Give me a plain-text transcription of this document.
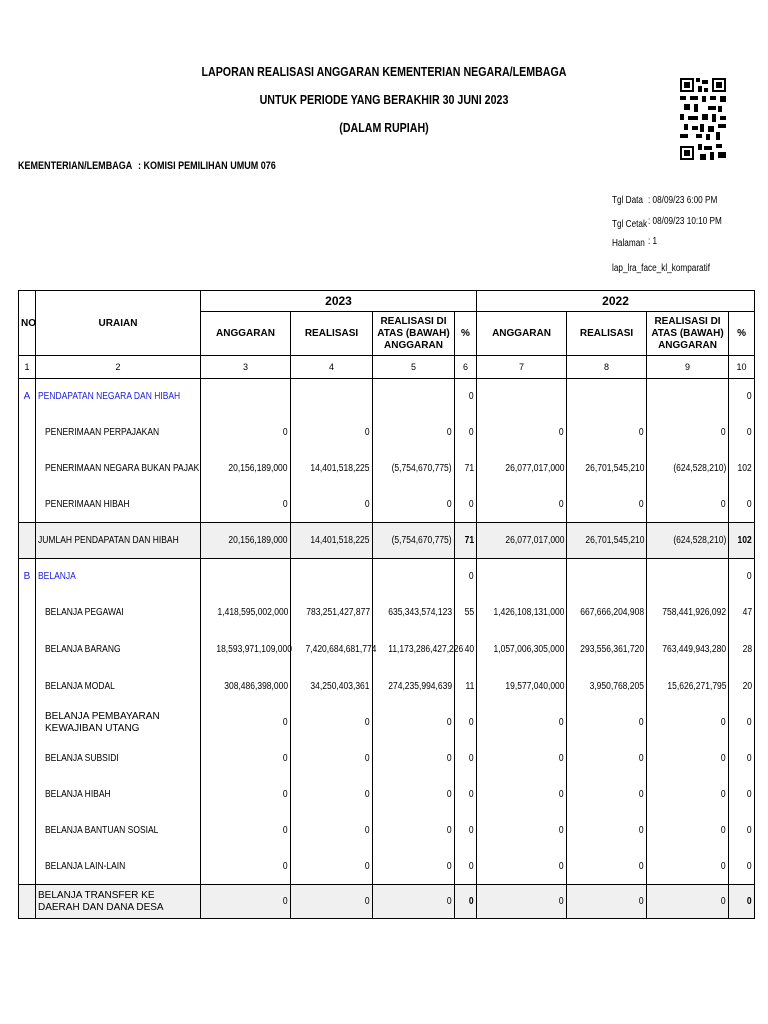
LAPORAN REALISASI ANGGARAN KEMENTERIAN NEGARA/LEMBAGA
UNTUK PERIODE YANG BERAKHIR 30 JUNI 2023
(DALAM RUPIAH)
KEMENTERIAN/LEMBAGA : KOMISI PEMILIHAN UMUM 076
Tgl Data : 08/09/23 6:00 PM
Tgl Cetak : 08/09/23 10:10 PM
Halaman : 1
lap_lra_face_kl_komparatif
NO	URAIAN	2023				2022			
		ANGGARAN	REALISASI	REALISASI DI ATAS (BAWAH) ANGGARAN	%	ANGGARAN	REALISASI	REALISASI DI ATAS (BAWAH) ANGGARAN	%
1	2	3	4	5	6	7	8	9	10
A	PENDAPATAN NEGARA DAN HIBAH				0				0
	PENERIMAAN PERPAJAKAN	0	0	0	0	0	0	0	0
	PENERIMAAN NEGARA BUKAN PAJAK	20,156,189,000	14,401,518,225	(5,754,670,775)	71	26,077,017,000	26,701,545,210	(624,528,210)	102
	PENERIMAAN HIBAH	0	0	0	0	0	0	0	0
	JUMLAH PENDAPATAN DAN HIBAH	20,156,189,000	14,401,518,225	(5,754,670,775)	71	26,077,017,000	26,701,545,210	(624,528,210)	102
B	BELANJA				0				0
	BELANJA PEGAWAI	1,418,595,002,000	783,251,427,877	635,343,574,123	55	1,426,108,131,000	667,666,204,908	758,441,926,092	47
	BELANJA BARANG	18,593,971,109,000	7,420,684,681,774	11,173,286,427,226	40	1,057,006,305,000	293,556,361,720	763,449,943,280	28
	BELANJA MODAL	308,486,398,000	34,250,403,361	274,235,994,639	11	19,577,040,000	3,950,768,205	15,626,271,795	20

	BELANJA PEMBAYARAN KEWAJIBAN UTANG	0	0	0	0	0	0	0	0
	BELANJA SUBSIDI	0	0	0	0	0	0	0	0
	BELANJA HIBAH	0	0	0	0	0	0	0	0
	BELANJA BANTUAN SOSIAL	0	0	0	0	0	0	0	0
	BELANJA LAIN-LAIN	0	0	0	0	0	0	0	0

	BELANJA TRANSFER KE DAERAH DAN DANA DESA	0	0	0	0	0	0	0	0
